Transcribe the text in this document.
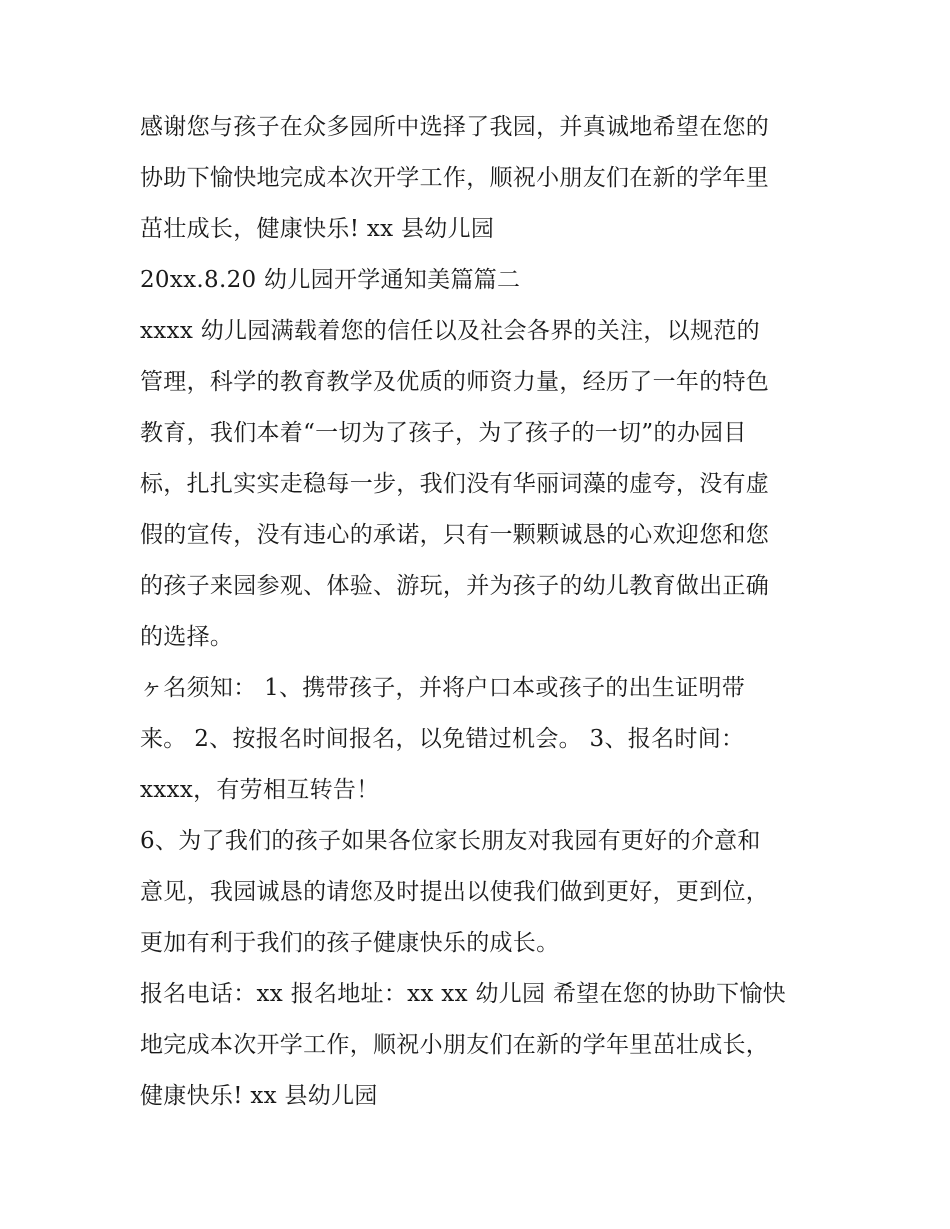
感谢您与孩子在众多园所中选择了我园，并真诚地希望在您的
协助下愉快地完成本次开学工作，顺祝小朋友们在新的学年里
茁壮成长，健康快乐! xx 县幼儿园
20xx.8.20 幼儿园开学通知美篇篇二
xxxx 幼儿园满载着您的信任以及社会各界的关注，以规范的
管理，科学的教育教学及优质的师资力量，经历了一年的特色
教育，我们本着“一切为了孩子，为了孩子的一切”的办园目
标，扎扎实实走稳每一步，我们没有华丽词藻的虚夸，没有虚
假的宣传，没有违心的承诺，只有一颗颗诚恳的心欢迎您和您
的孩子来园参观、体验、游玩，并为孩子的幼儿教育做出正确
的选择。
ヶ名须知： 1、携带孩子，并将户口本或孩子的出生证明带
来。 2、按报名时间报名，以免错过机会。 3、报名时间：
xxxx，有劳相互转告！
6、为了我们的孩子如果各位家长朋友对我园有更好的介意和
意见，我园诚恳的请您及时提出以使我们做到更好，更到位，
更加有利于我们的孩子健康快乐的成长。
报名电话：xx 报名地址：xx xx 幼儿园 希望在您的协助下愉快
地完成本次开学工作，顺祝小朋友们在新的学年里茁壮成长，
健康快乐! xx 县幼儿园
